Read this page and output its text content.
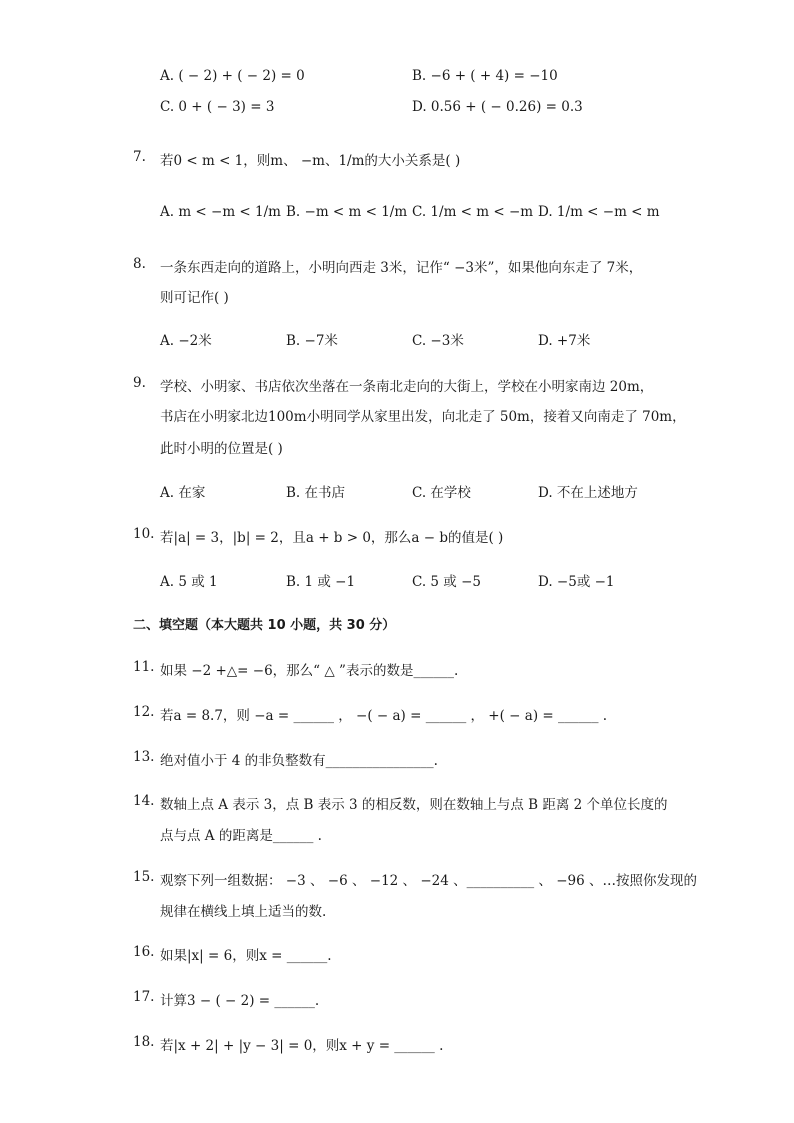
A. ( − 2) + ( − 2) = 0	B. −6 + ( + 4) = −10
C. 0 + ( − 3) = 3	D. 0.56 + ( − 0.26) = 0.3
7. 若0 < m < 1，则m、 −m、1/m的大小关系是( )
A. m < −m < 1/m B. −m < m < 1/m C. 1/m < m < −m D. 1/m < −m < m
8. 一条东西走向的道路上，小明向西走 3米，记作“ −3米”，如果他向东走了 7米，
则可记作( )
A. −2米	B. −7米	C. −3米	D. +7米
9. 学校、小明家、书店依次坐落在一条南北走向的大街上，学校在小明家南边 20m，
书店在小明家北边100m小明同学从家里出发，向北走了 50m，接着又向南走了 70m，
此时小明的位置是( )
A. 在家	B. 在书店	C. 在学校	D. 不在上述地方
10. 若|a| = 3，|b| = 2，且a + b > 0，那么a − b的值是( )
A. 5 或 1	B. 1 或 −1	C. 5 或 −5	D. −5或 −1
二、填空题（本大题共 10 小题，共 30 分）
11. 如果 −2 +△= −6，那么“ △ ”表示的数是______.
12. 若a = 8.7，则 −a = ______ ， −( − a) = ______ ， +( − a) = ______ .
13. 绝对值小于 4 的非负整数有________________.
14. 数轴上点 A 表示 3，点 B 表示 3 的相反数，则在数轴上与点 B 距离 2 个单位长度的
点与点 A 的距离是______ .
15. 观察下列一组数据： −3 、 −6 、 −12 、 −24 、__________ 、 −96 、…按照你发现的
规律在横线上填上适当的数.
16. 如果|x| = 6，则x = ______.
17. 计算3 − ( − 2) = ______.
18. 若|x + 2| + |y − 3| = 0，则x + y = ______ .
